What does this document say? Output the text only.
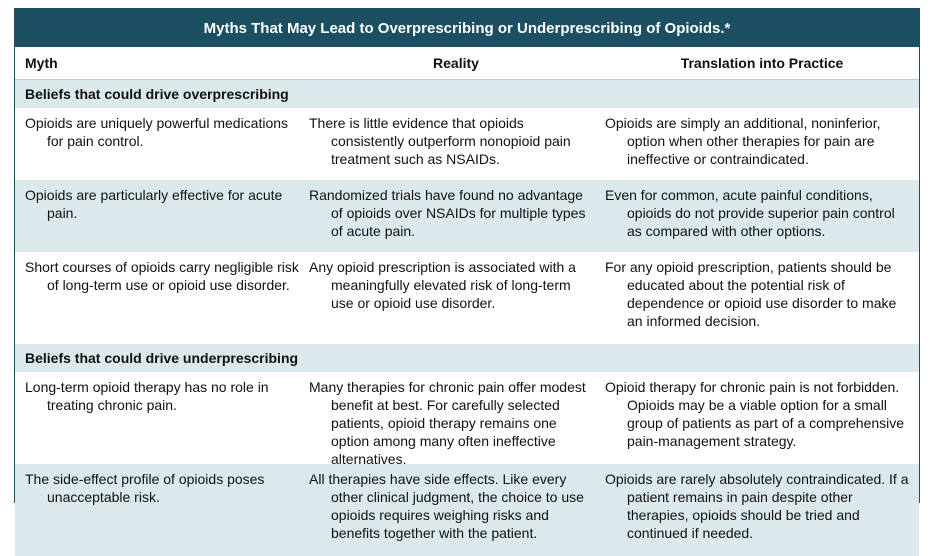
Myths That May Lead to Overprescribing or Underprescribing of Opioids.*
Myth	Reality	Translation into Practice
Beliefs that could drive overprescribing
Opioids are uniquely powerful medications for pain control.
There is little evidence that opioids consistently outperform nonopioid pain treatment such as NSAIDs.
Opioids are simply an additional, noninferior, option when other therapies for pain are ineffective or contraindicated.
Opioids are particularly effective for acute pain.
Randomized trials have found no advantage of opioids over NSAIDs for multiple types of acute pain.
Even for common, acute painful conditions, opioids do not provide superior pain control as compared with other options.
Short courses of opioids carry negligible risk of long-term use or opioid use disorder.
Any opioid prescription is associated with a meaningfully elevated risk of long-term use or opioid use disorder.
For any opioid prescription, patients should be educated about the potential risk of dependence or opioid use disorder to make an informed decision.
Beliefs that could drive underprescribing
Long-term opioid therapy has no role in treating chronic pain.
Many therapies for chronic pain offer modest benefit at best. For carefully selected patients, opioid therapy remains one option among many often ineffective alternatives.
Opioid therapy for chronic pain is not forbidden. Opioids may be a viable option for a small group of patients as part of a comprehensive pain-management strategy.
The side-effect profile of opioids poses unacceptable risk.
All therapies have side effects. Like every other clinical judgment, the choice to use opioids requires weighing risks and benefits together with the patient.
Opioids are rarely absolutely contraindicated. If a patient remains in pain despite other therapies, opioids should be tried and continued if needed.
